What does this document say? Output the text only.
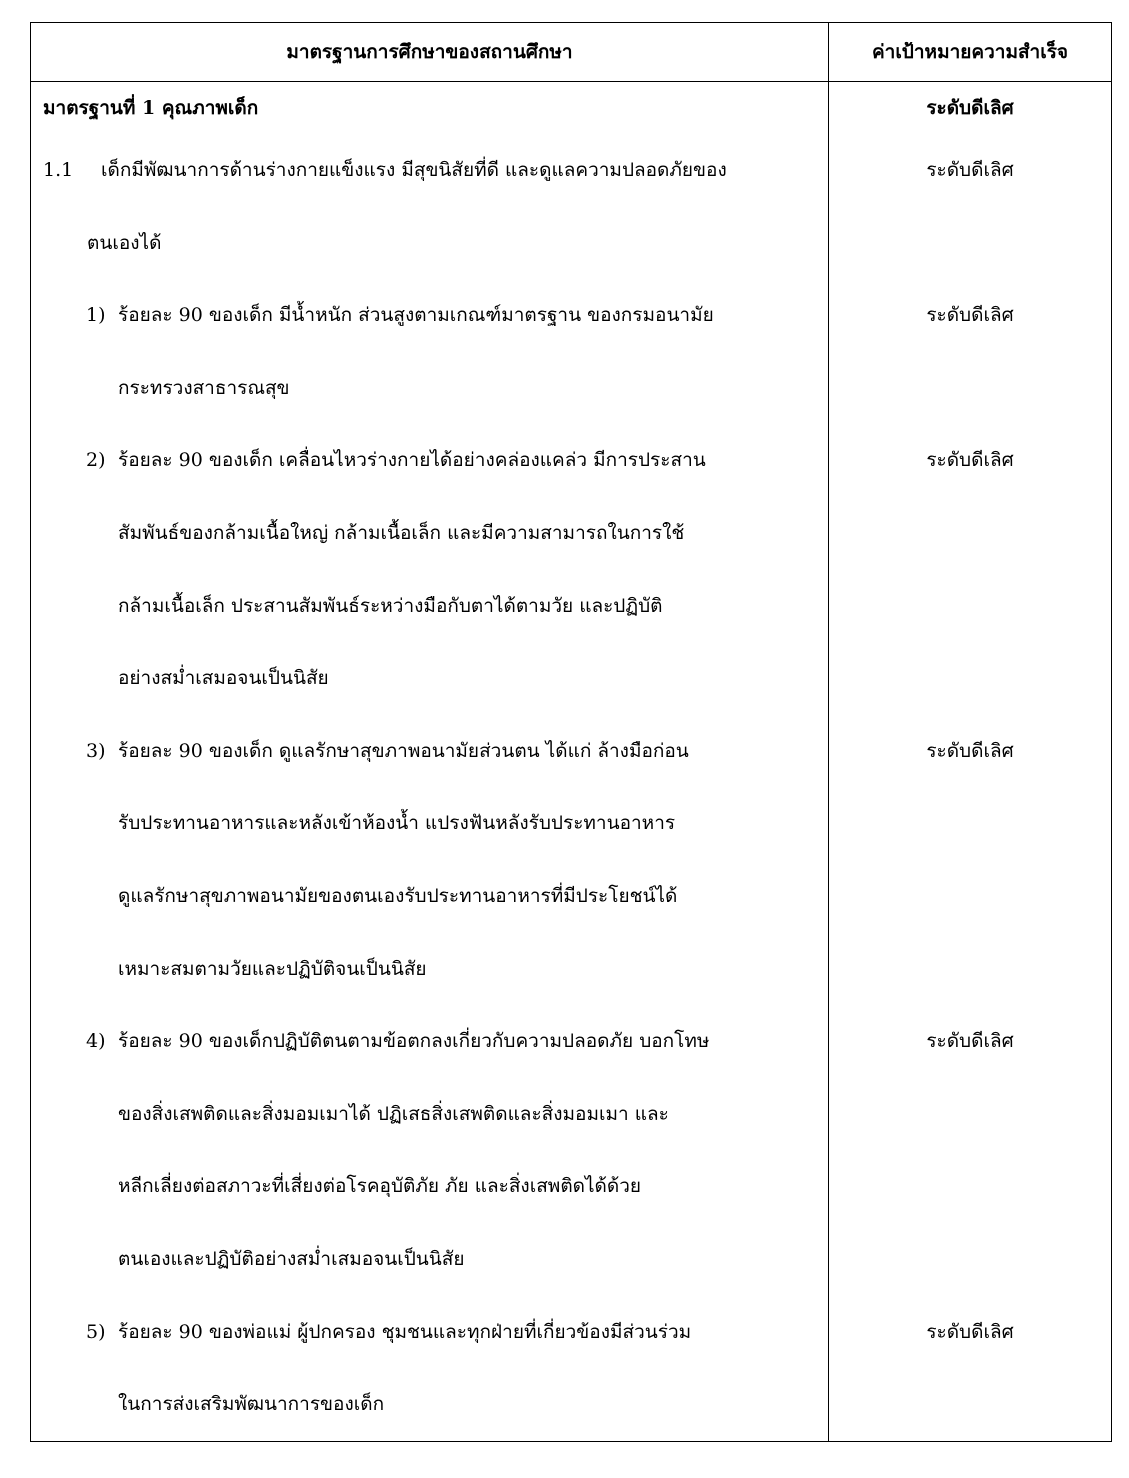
มาตรฐานการศึกษาของสถานศึกษา	ค่าเป้าหมายความสำเร็จ

มาตรฐานที่ 1 คุณภาพเด็ก	ระดับดีเลิศ

1.1 เด็กมีพัฒนาการด้านร่างกายแข็งแรง มีสุขนิสัยที่ดี และดูแลความปลอดภัยของ
ตนเองได้	ระดับดีเลิศ

1) ร้อยละ 90 ของเด็ก มีน้ำหนัก ส่วนสูงตามเกณฑ์มาตรฐาน ของกรมอนามัย
กระทรวงสาธารณสุข	ระดับดีเลิศ

2) ร้อยละ 90 ของเด็ก เคลื่อนไหวร่างกายได้อย่างคล่องแคล่ว มีการประสาน
สัมพันธ์ของกล้ามเนื้อใหญ่ กล้ามเนื้อเล็ก และมีความสามารถในการใช้
กล้ามเนื้อเล็ก ประสานสัมพันธ์ระหว่างมือกับตาได้ตามวัย และปฏิบัติ
อย่างสม่ำเสมอจนเป็นนิสัย	ระดับดีเลิศ

3) ร้อยละ 90 ของเด็ก ดูแลรักษาสุขภาพอนามัยส่วนตน ได้แก่ ล้างมือก่อน
รับประทานอาหารและหลังเข้าห้องน้ำ แปรงฟันหลังรับประทานอาหาร
ดูแลรักษาสุขภาพอนามัยของตนเองรับประทานอาหารที่มีประโยชน์ได้
เหมาะสมตามวัยและปฏิบัติจนเป็นนิสัย	ระดับดีเลิศ

4) ร้อยละ 90 ของเด็กปฏิบัติตนตามข้อตกลงเกี่ยวกับความปลอดภัย บอกโทษ
ของสิ่งเสพติดและสิ่งมอมเมาได้ ปฏิเสธสิ่งเสพติดและสิ่งมอมเมา และ
หลีกเลี่ยงต่อสภาวะที่เสี่ยงต่อโรคอุบัติภัย ภัย และสิ่งเสพติดได้ด้วย
ตนเองและปฏิบัติอย่างสม่ำเสมอจนเป็นนิสัย	ระดับดีเลิศ

5) ร้อยละ 90 ของพ่อแม่ ผู้ปกครอง ชุมชนและทุกฝ่ายที่เกี่ยวข้องมีส่วนร่วม
ในการส่งเสริมพัฒนาการของเด็ก	ระดับดีเลิศ
